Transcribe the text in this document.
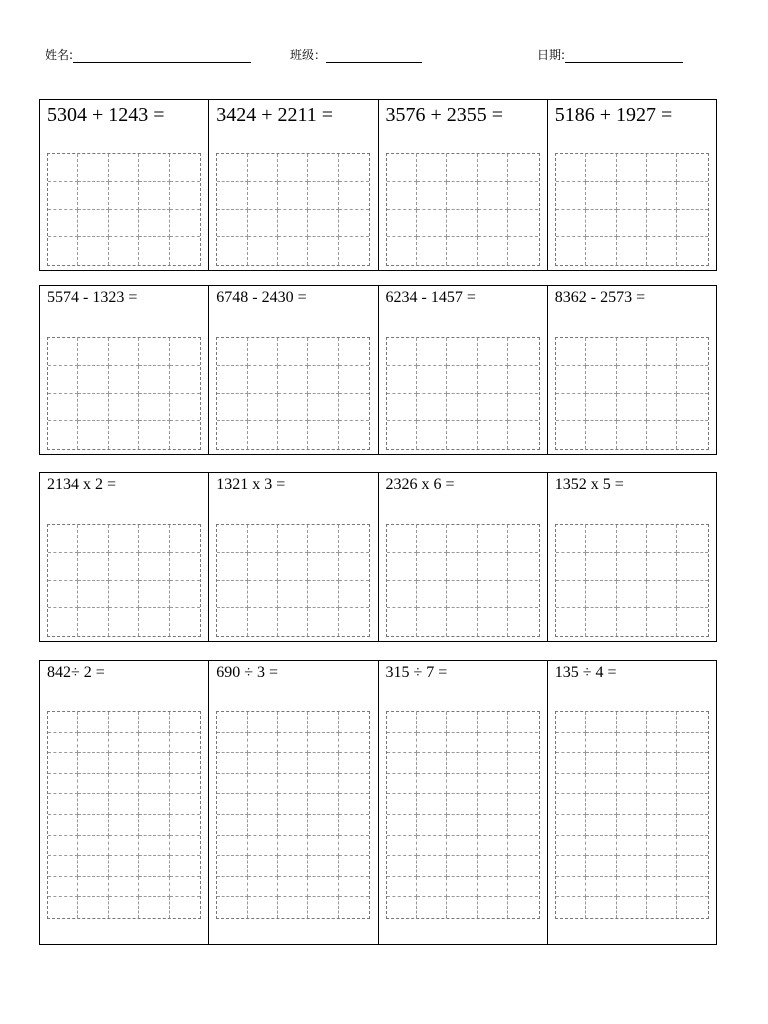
姓名:	班级：	日期:
5304 + 1243 =	3424 + 2211 =	3576 + 2355 =	5186 + 1927 =
5574 - 1323 =	6748 - 2430 =	6234 - 1457 =	8362 - 2573 =
2134 x 2 =	1321 x 3 =	2326 x 6 =	1352 x 5 =
842÷ 2 =	690 ÷ 3 =	315 ÷ 7 =	135 ÷ 4 =
